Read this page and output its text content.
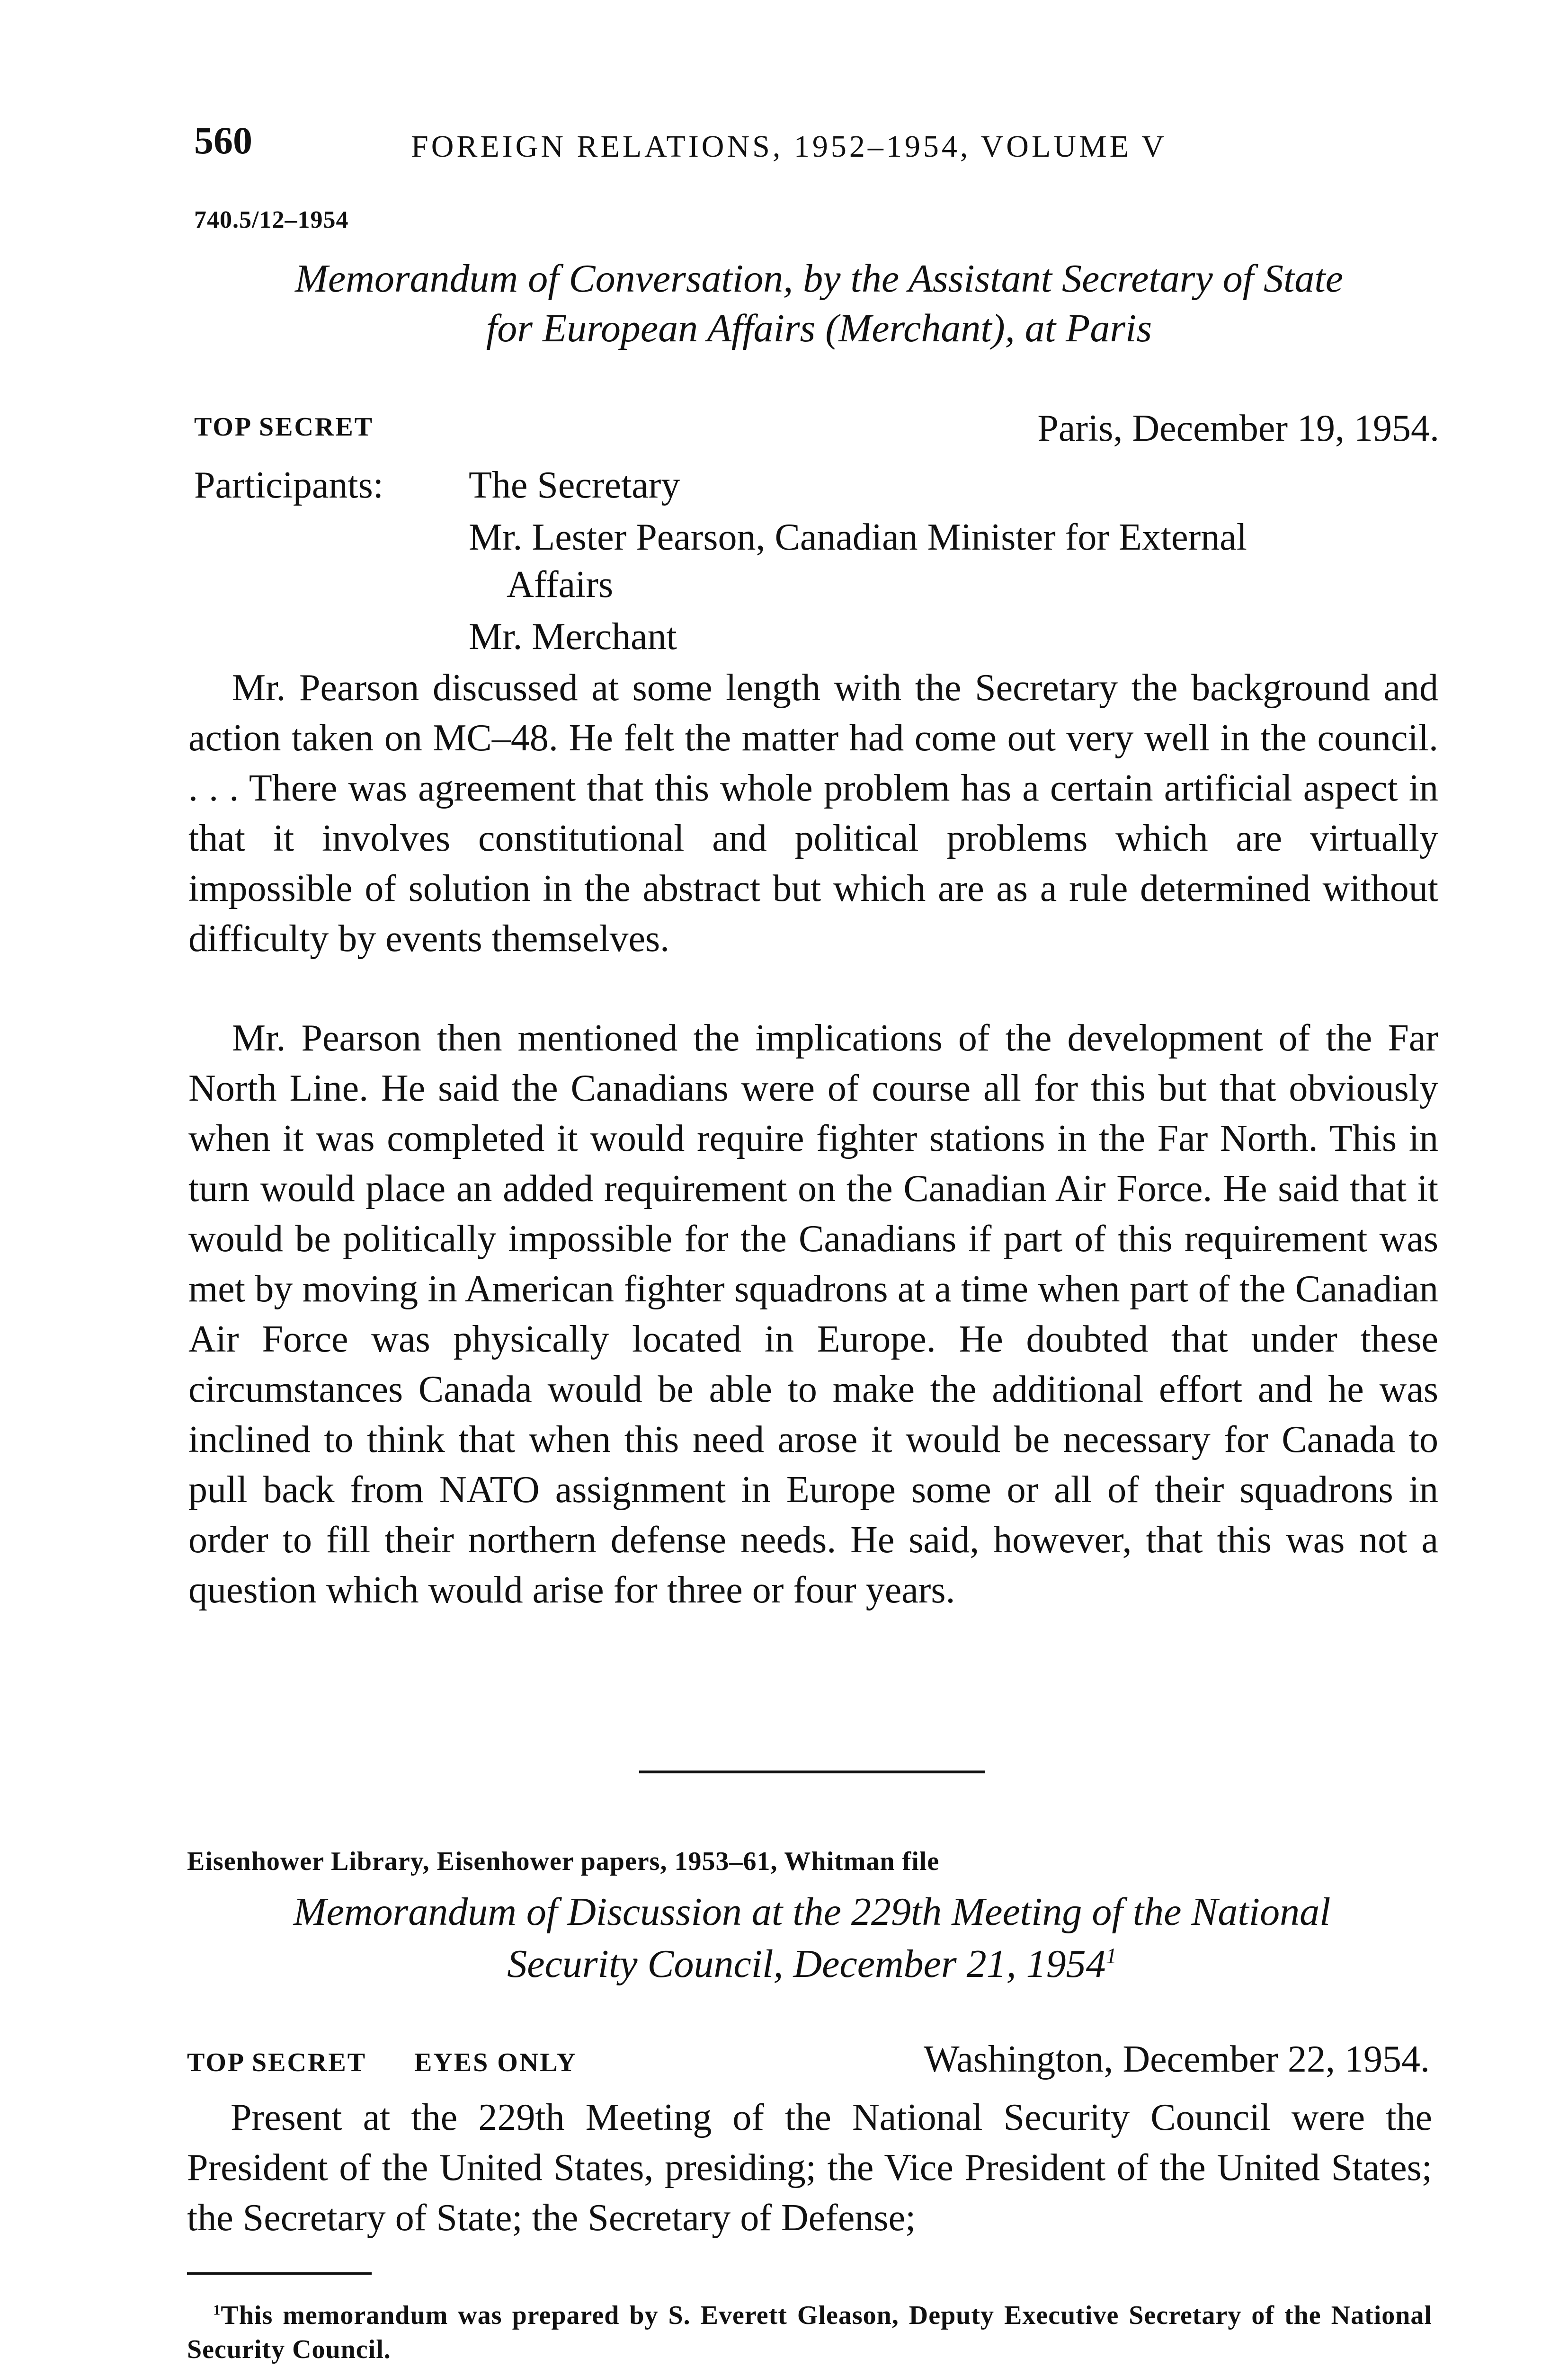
560	FOREIGN RELATIONS, 1952–1954, VOLUME V
740.5/12–1954
Memorandum of Conversation, by the Assistant Secretary of State
for European Affairs (Merchant), at Paris
TOP SECRET	Paris, December 19, 1954.
Participants: The Secretary
Mr. Lester Pearson, Canadian Minister for External
Affairs
Mr. Merchant
Mr. Pearson discussed at some length with the Secretary the background and action taken on MC–48. He felt the matter had come out very well in the council. . . . There was agreement that this whole problem has a certain artificial aspect in that it involves constitutional and political problems which are virtually impossible of solution in the abstract but which are as a rule determined without difficulty by events themselves.
Mr. Pearson then mentioned the implications of the development of the Far North Line. He said the Canadians were of course all for this but that obviously when it was completed it would require fighter stations in the Far North. This in turn would place an added requirement on the Canadian Air Force. He said that it would be politically impossible for the Canadians if part of this requirement was met by moving in American fighter squadrons at a time when part of the Canadian Air Force was physically located in Europe. He doubted that under these circumstances Canada would be able to make the additional effort and he was inclined to think that when this need arose it would be necessary for Canada to pull back from NATO assignment in Europe some or all of their squadrons in order to fill their northern defense needs. He said, however, that this was not a question which would arise for three or four years.
Eisenhower Library, Eisenhower papers, 1953–61, Whitman file
Memorandum of Discussion at the 229th Meeting of the National
Security Council, December 21, 1954$^1$
TOP SECRET EYES ONLY	Washington, December 22, 1954.
Present at the 229th Meeting of the National Security Council were the President of the United States, presiding; the Vice President of the United States; the Secretary of State; the Secretary of Defense;
$^1$This memorandum was prepared by S. Everett Gleason, Deputy Executive Secretary of the National Security Council.
